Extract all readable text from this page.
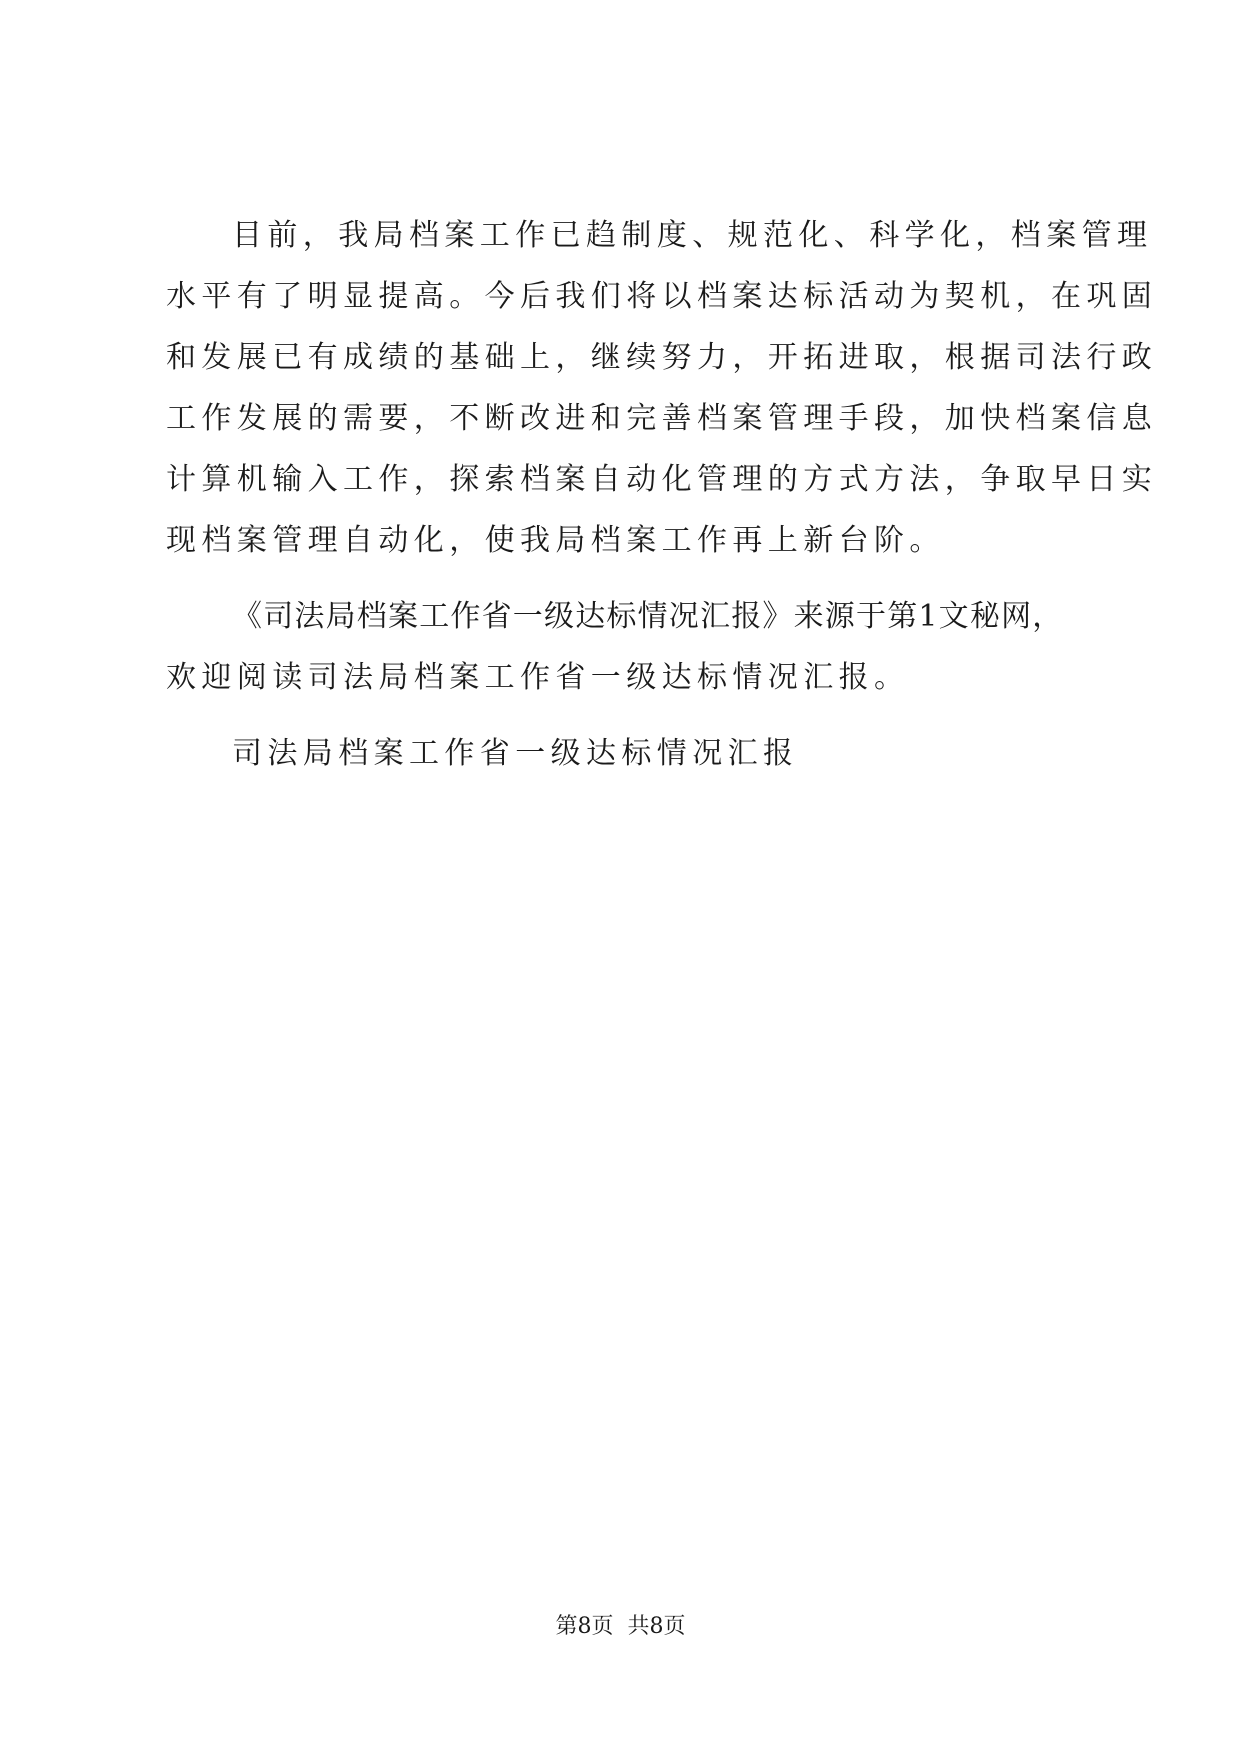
目前，我局档案工作已趋制度、规范化、科学化，档案管理
水平有了明显提高。今后我们将以档案达标活动为契机，在巩固
和发展已有成绩的基础上，继续努力，开拓进取，根据司法行政
工作发展的需要，不断改进和完善档案管理手段，加快档案信息
计算机输入工作，探索档案自动化管理的方式方法，争取早日实
现档案管理自动化，使我局档案工作再上新台阶。
《司法局档案工作省一级达标情况汇报》来源于第1文秘网，
欢迎阅读司法局档案工作省一级达标情况汇报。
司法局档案工作省一级达标情况汇报
第8页 共8页
